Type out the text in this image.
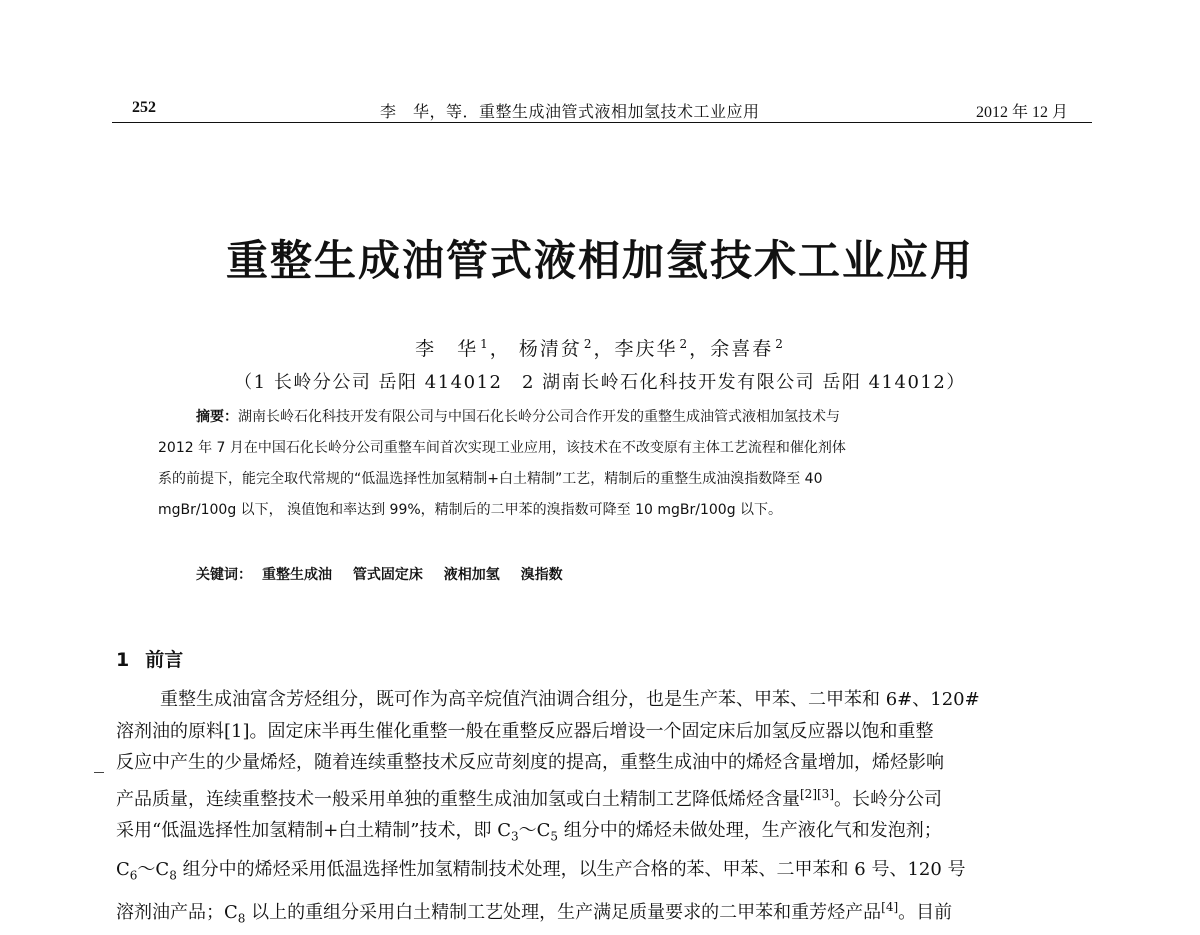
252	李　华，等．重整生成油管式液相加氢技术工业应用	2012 年 12 月
重整生成油管式液相加氢技术工业应用
李　华 $^1$， 杨清贫 $^2$，李庆华 $^2$，余喜春 $^2$
（1 长岭分公司 岳阳 414012　2 湖南长岭石化科技开发有限公司 岳阳 414012）
摘要：湖南长岭石化科技开发有限公司与中国石化长岭分公司合作开发的重整生成油管式液相加氢技术与
2012 年 7 月在中国石化长岭分公司重整车间首次实现工业应用，该技术在不改变原有主体工艺流程和催化剂体
系的前提下，能完全取代常规的“低温选择性加氢精制+白土精制”工艺，精制后的重整生成油溴指数降至 40
mgBr/100g 以下， 溴值饱和率达到 99%，精制后的二甲苯的溴指数可降至 10 mgBr/100g 以下。
关键词： 重整生成油 管式固定床 液相加氢 溴指数
1 前言
重整生成油富含芳烃组分，既可作为高辛烷值汽油调合组分，也是生产苯、甲苯、二甲苯和 6#、120#
溶剂油的原料[1]。固定床半再生催化重整一般在重整反应器后增设一个固定床后加氢反应器以饱和重整
反应中产生的少量烯烃，随着连续重整技术反应苛刻度的提高，重整生成油中的烯烃含量增加，烯烃影响
产品质量，连续重整技术一般采用单独的重整生成油加氢或白土精制工艺降低烯烃含量[2][3]。长岭分公司
采用“低温选择性加氢精制+白土精制”技术，即 $C_3\sim C_5$ 组分中的烯烃未做处理，生产液化气和发泡剂；
$C_6\sim C_8$ 组分中的烯烃采用低温选择性加氢精制技术处理，以生产合格的苯、甲苯、二甲苯和 6 号、120 号
溶剂油产品；$C_8$ 以上的重组分采用白土精制工艺处理，生产满足质量要求的二甲苯和重芳烃产品[4]。目前
